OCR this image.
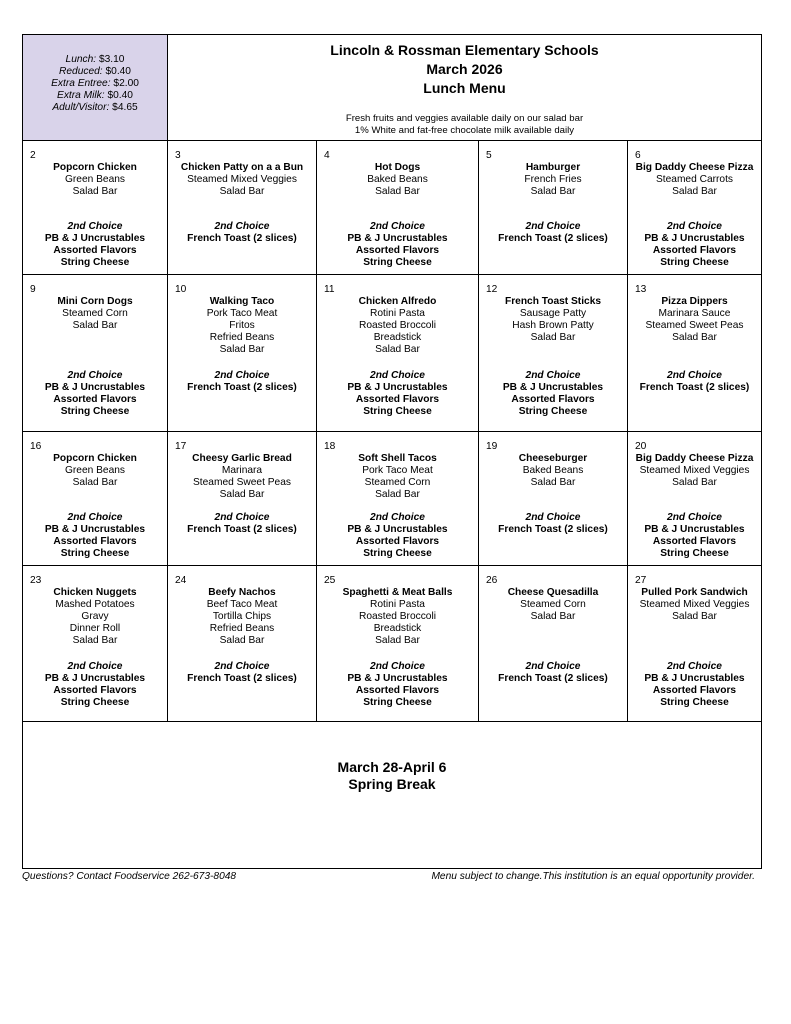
Lunch: $3.10
Reduced: $0.40
Extra Entree: $2.00
Extra Milk: $0.40
Adult/Visitor: $4.65
Lincoln & Rossman Elementary Schools
March 2026
Lunch Menu
Fresh fruits and veggies available daily on our salad bar
1% White and fat-free chocolate milk available daily
2
Popcorn Chicken
Green Beans
Salad Bar
2nd Choice
PB & J Uncrustables
Assorted Flavors
String Cheese
3
Chicken Patty on a a Bun
Steamed Mixed Veggies
Salad Bar
2nd Choice
French Toast (2 slices)
4
Hot Dogs
Baked Beans
Salad Bar
2nd Choice
PB & J Uncrustables
Assorted Flavors
String Cheese
5
Hamburger
French Fries
Salad Bar
2nd Choice
French Toast (2 slices)
6
Big Daddy Cheese Pizza
Steamed Carrots
Salad Bar
2nd Choice
PB & J Uncrustables
Assorted Flavors
String Cheese
9
Mini Corn Dogs
Steamed Corn
Salad Bar
2nd Choice
PB & J Uncrustables
Assorted Flavors
String Cheese
10
Walking Taco
Pork Taco Meat
Fritos
Refried Beans
Salad Bar
2nd Choice
French Toast (2 slices)
11
Chicken Alfredo
Rotini Pasta
Roasted Broccoli
Breadstick
Salad Bar
2nd Choice
PB & J Uncrustables
Assorted Flavors
String Cheese
12
French Toast Sticks
Sausage Patty
Hash Brown Patty
Salad Bar
2nd Choice
PB & J Uncrustables
Assorted Flavors
String Cheese
13
Pizza Dippers
Marinara Sauce
Steamed Sweet Peas
Salad Bar
2nd Choice
French Toast (2 slices)
16
Popcorn Chicken
Green Beans
Salad Bar
2nd Choice
PB & J Uncrustables
Assorted Flavors
String Cheese
17
Cheesy Garlic Bread
Marinara
Steamed Sweet Peas
Salad Bar
2nd Choice
French Toast (2 slices)
18
Soft Shell Tacos
Pork Taco Meat
Steamed Corn
Salad Bar
2nd Choice
PB & J Uncrustables
Assorted Flavors
String Cheese
19
Cheeseburger
Baked Beans
Salad Bar
2nd Choice
French Toast (2 slices)
20
Big Daddy Cheese Pizza
Steamed Mixed Veggies
Salad Bar
2nd Choice
PB & J Uncrustables
Assorted Flavors
String Cheese
23
Chicken Nuggets
Mashed Potatoes
Gravy
Dinner Roll
Salad Bar
2nd Choice
PB & J Uncrustables
Assorted Flavors
String Cheese
24
Beefy Nachos
Beef Taco Meat
Tortilla Chips
Refried Beans
Salad Bar
2nd Choice
French Toast (2 slices)
25
Spaghetti & Meat Balls
Rotini Pasta
Roasted Broccoli
Breadstick
Salad Bar
2nd Choice
PB & J Uncrustables
Assorted Flavors
String Cheese
26
Cheese Quesadilla
Steamed Corn
Salad Bar
2nd Choice
French Toast (2 slices)
27
Pulled Pork Sandwich
Steamed Mixed Veggies
Salad Bar
2nd Choice
PB & J Uncrustables
Assorted Flavors
String Cheese
March 28-April 6
Spring Break
Questions? Contact Foodservice 262-673-8048	Menu subject to change.This institution is an equal opportunity provider.
